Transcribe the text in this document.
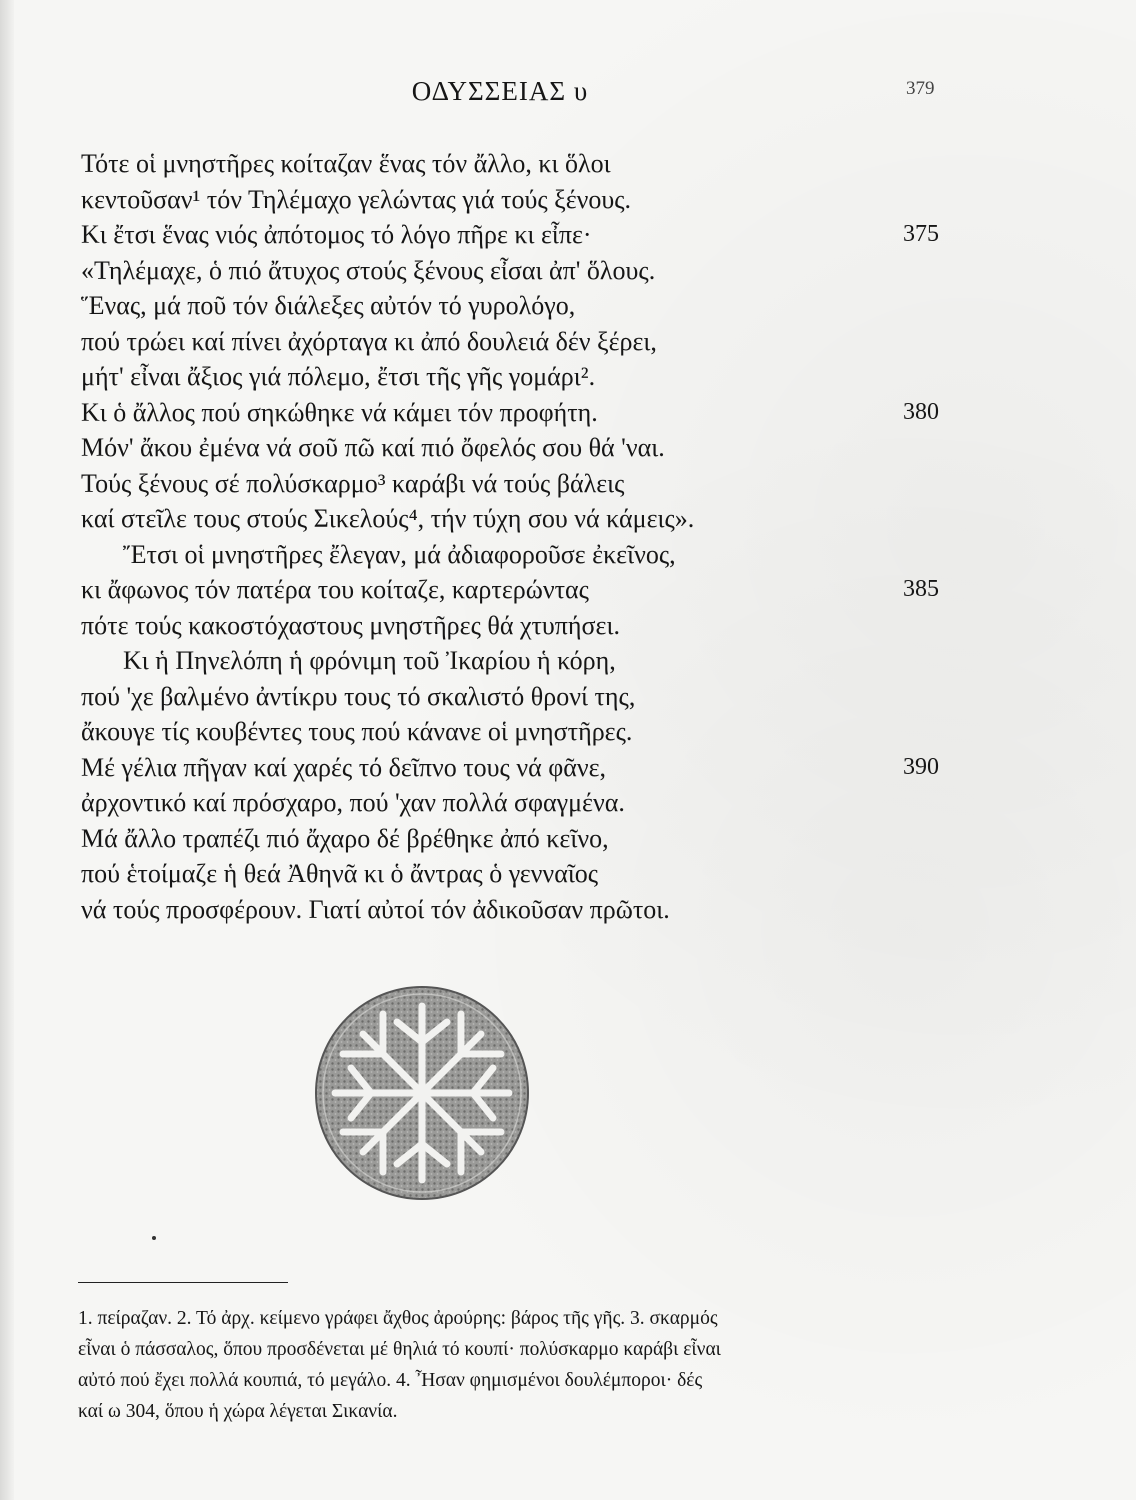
ΟΔΥΣΣΕΙΑΣ υ	379
Τότε οἱ μνηστῆρες κοίταζαν ἕνας τόν ἄλλο, κι ὅλοι
κεντοῦσαν¹ τόν Τηλέμαχο γελώντας γιά τούς ξένους.
Κι ἔτσι ἕνας νιός ἀπότομος τό λόγο πῆρε κι εἶπε·	375
«Τηλέμαχε, ὁ πιό ἄτυχος στούς ξένους εἶσαι ἀπ' ὅλους.
Ἕνας, μά ποῦ τόν διάλεξες αὐτόν τό γυρολόγο,
πού τρώει καί πίνει ἀχόρταγα κι ἀπό δουλειά δέν ξέρει,
μήτ' εἶναι ἄξιος γιά πόλεμο, ἔτσι τῆς γῆς γομάρι².
Κι ὁ ἄλλος πού σηκώθηκε νά κάμει τόν προφήτη.	380
Μόν' ἄκου ἐμένα νά σοῦ πῶ καί πιό ὄφελός σου θά 'ναι.
Τούς ξένους σέ πολύσκαρμο³ καράβι νά τούς βάλεις
καί στεῖλε τους στούς Σικελούς⁴, τήν τύχη σου νά κάμεις».
Ἔτσι οἱ μνηστῆρες ἔλεγαν, μά ἀδιαφοροῦσε ἐκεῖνος,
κι ἄφωνος τόν πατέρα του κοίταζε, καρτερώντας	385
πότε τούς κακοστόχαστους μνηστῆρες θά χτυπήσει.
Κι ἡ Πηνελόπη ἡ φρόνιμη τοῦ Ἰκαρίου ἡ κόρη,
πού 'χε βαλμένο ἀντίκρυ τους τό σκαλιστό θρονί της,
ἄκουγε τίς κουβέντες τους πού κάνανε οἱ μνηστῆρες.
Μέ γέλια πῆγαν καί χαρές τό δεῖπνο τους νά φᾶνε,	390
ἀρχοντικό καί πρόσχαρο, πού 'χαν πολλά σφαγμένα.
Μά ἄλλο τραπέζι πιό ἄχαρο δέ βρέθηκε ἀπό κεῖνο,
πού ἑτοίμαζε ἡ θεά Ἀθηνᾶ κι ὁ ἄντρας ὁ γενναῖος
νά τούς προσφέρουν. Γιατί αὐτοί τόν ἀδικοῦσαν πρῶτοι.
1. πείραζαν. 2. Τό ἀρχ. κείμενο γράφει ἄχθος ἀρούρης: βάρος τῆς γῆς. 3. σκαρμός
εἶναι ὁ πάσσαλος, ὅπου προσδένεται μέ θηλιά τό κουπί· πολύσκαρμο καράβι εἶναι
αὐτό πού ἔχει πολλά κουπιά, τό μεγάλο. 4. Ἦσαν φημισμένοι δουλέμποροι· δές
καί ω 304, ὅπου ἡ χώρα λέγεται Σικανία.
